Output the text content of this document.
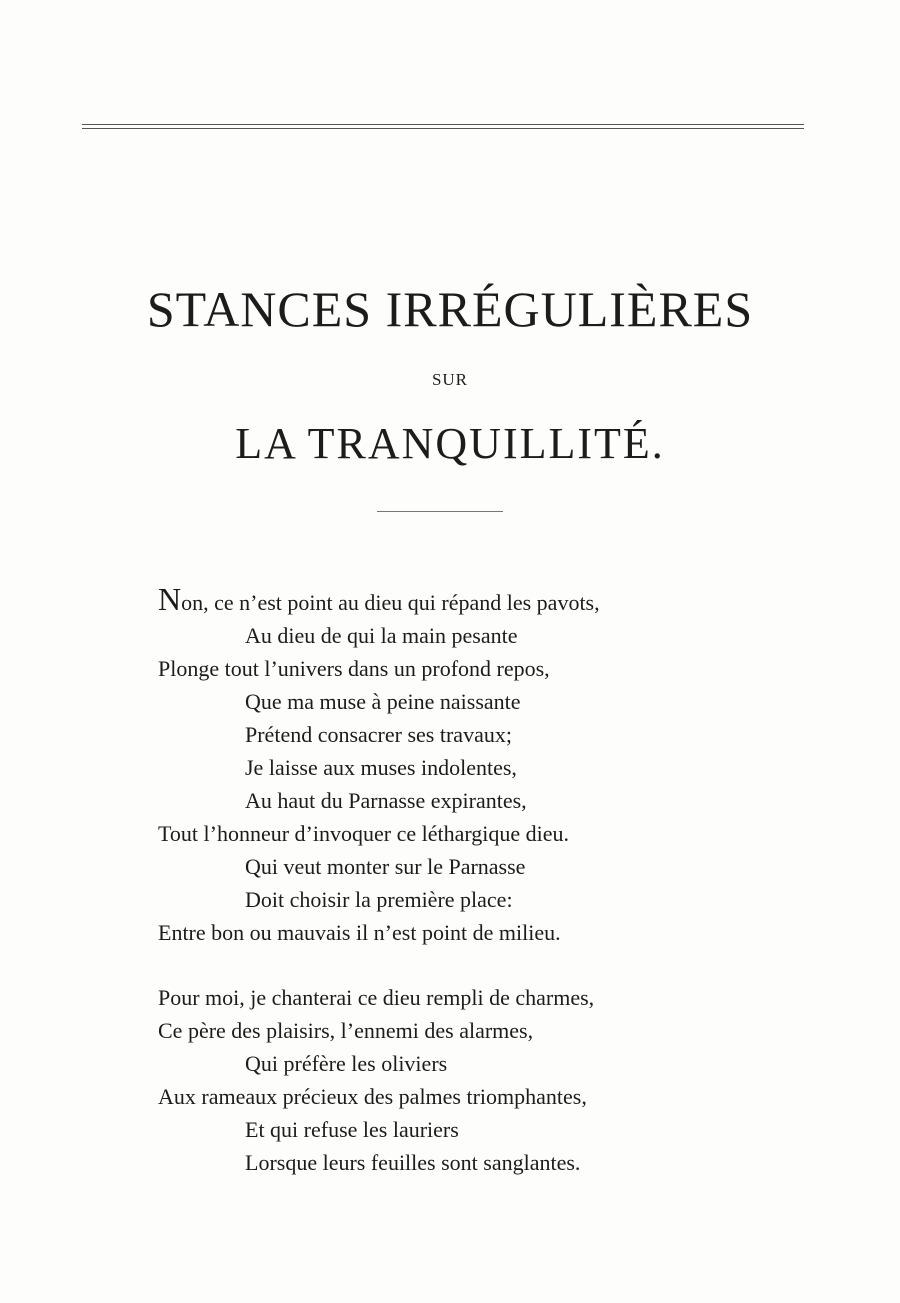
STANCES IRRÉGULIÈRES
SUR
LA TRANQUILLITÉ.
Non, ce n’est point au dieu qui répand les pavots,
Au dieu de qui la main pesante
Plonge tout l’univers dans un profond repos,
Que ma muse à peine naissante
Prétend consacrer ses travaux;
Je laisse aux muses indolentes,
Au haut du Parnasse expirantes,
Tout l’honneur d’invoquer ce léthargique dieu.
Qui veut monter sur le Parnasse
Doit choisir la première place:
Entre bon ou mauvais il n’est point de milieu.
Pour moi, je chanterai ce dieu rempli de charmes,
Ce père des plaisirs, l’ennemi des alarmes,
Qui préfère les oliviers
Aux rameaux précieux des palmes triomphantes,
Et qui refuse les lauriers
Lorsque leurs feuilles sont sanglantes.
